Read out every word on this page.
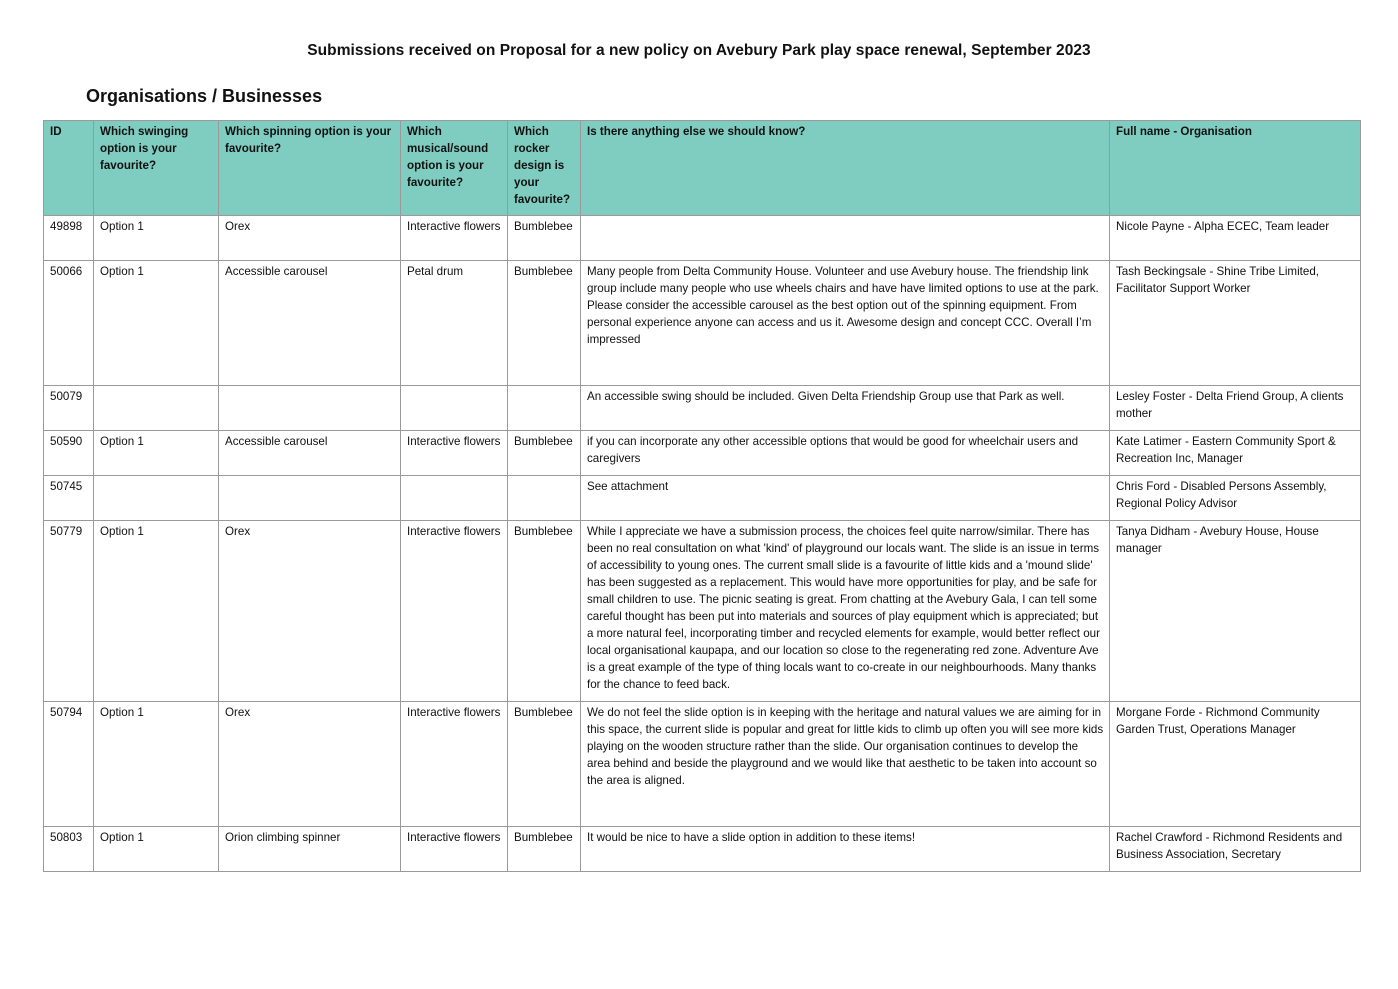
Submissions received on Proposal for a new policy on Avebury Park play space renewal, September 2023
Organisations / Businesses
ID	Which swinging option is your favourite?	Which spinning option is your favourite?	Which musical/sound option is your favourite?	Which rocker design is your favourite?	Is there anything else we should know?	Full name - Organisation
49898	Option 1	Orex	Interactive flowers	Bumblebee		Nicole Payne - Alpha ECEC, Team leader
50066	Option 1	Accessible carousel	Petal drum	Bumblebee	Many people from Delta Community House. Volunteer and use Avebury house. The friendship link group include many people who use wheels chairs and have have limited options to use at the park. Please consider the accessible carousel as the best option out of the spinning equipment. From personal experience anyone can access and us it. Awesome design and concept CCC. Overall I’m impressed	Tash Beckingsale - Shine Tribe Limited, Facilitator Support Worker
50079					An accessible swing should be included. Given Delta Friendship Group use that Park as well.	Lesley Foster - Delta Friend Group, A clients mother
50590	Option 1	Accessible carousel	Interactive flowers	Bumblebee	if you can incorporate any other accessible options that would be good for wheelchair users and caregivers	Kate Latimer - Eastern Community Sport & Recreation Inc, Manager
50745					See attachment	Chris Ford - Disabled Persons Assembly, Regional Policy Advisor
50779	Option 1	Orex	Interactive flowers	Bumblebee	While I appreciate we have a submission process, the choices feel quite narrow/similar. There has been no real consultation on what 'kind' of playground our locals want. The slide is an issue in terms of accessibility to young ones. The current small slide is a favourite of little kids and a 'mound slide' has been suggested as a replacement. This would have more opportunities for play, and be safe for small children to use. The picnic seating is great. From chatting at the Avebury Gala, I can tell some careful thought has been put into materials and sources of play equipment which is appreciated; but a more natural feel, incorporating timber and recycled elements for example, would better reflect our local organisational kaupapa, and our location so close to the regenerating red zone. Adventure Ave is a great example of the type of thing locals want to co-create in our neighbourhoods. Many thanks for the chance to feed back.	Tanya Didham - Avebury House, House manager
50794	Option 1	Orex	Interactive flowers	Bumblebee	We do not feel the slide option is in keeping with the heritage and natural values we are aiming for in this space, the current slide is popular and great for little kids to climb up often you will see more kids playing on the wooden structure rather than the slide. Our organisation continues to develop the area behind and beside the playground and we would like that aesthetic to be taken into account so the area is aligned.	Morgane Forde - Richmond Community Garden Trust, Operations Manager
50803	Option 1	Orion climbing spinner	Interactive flowers	Bumblebee	It would be nice to have a slide option in addition to these items!	Rachel Crawford - Richmond Residents and Business Association, Secretary
